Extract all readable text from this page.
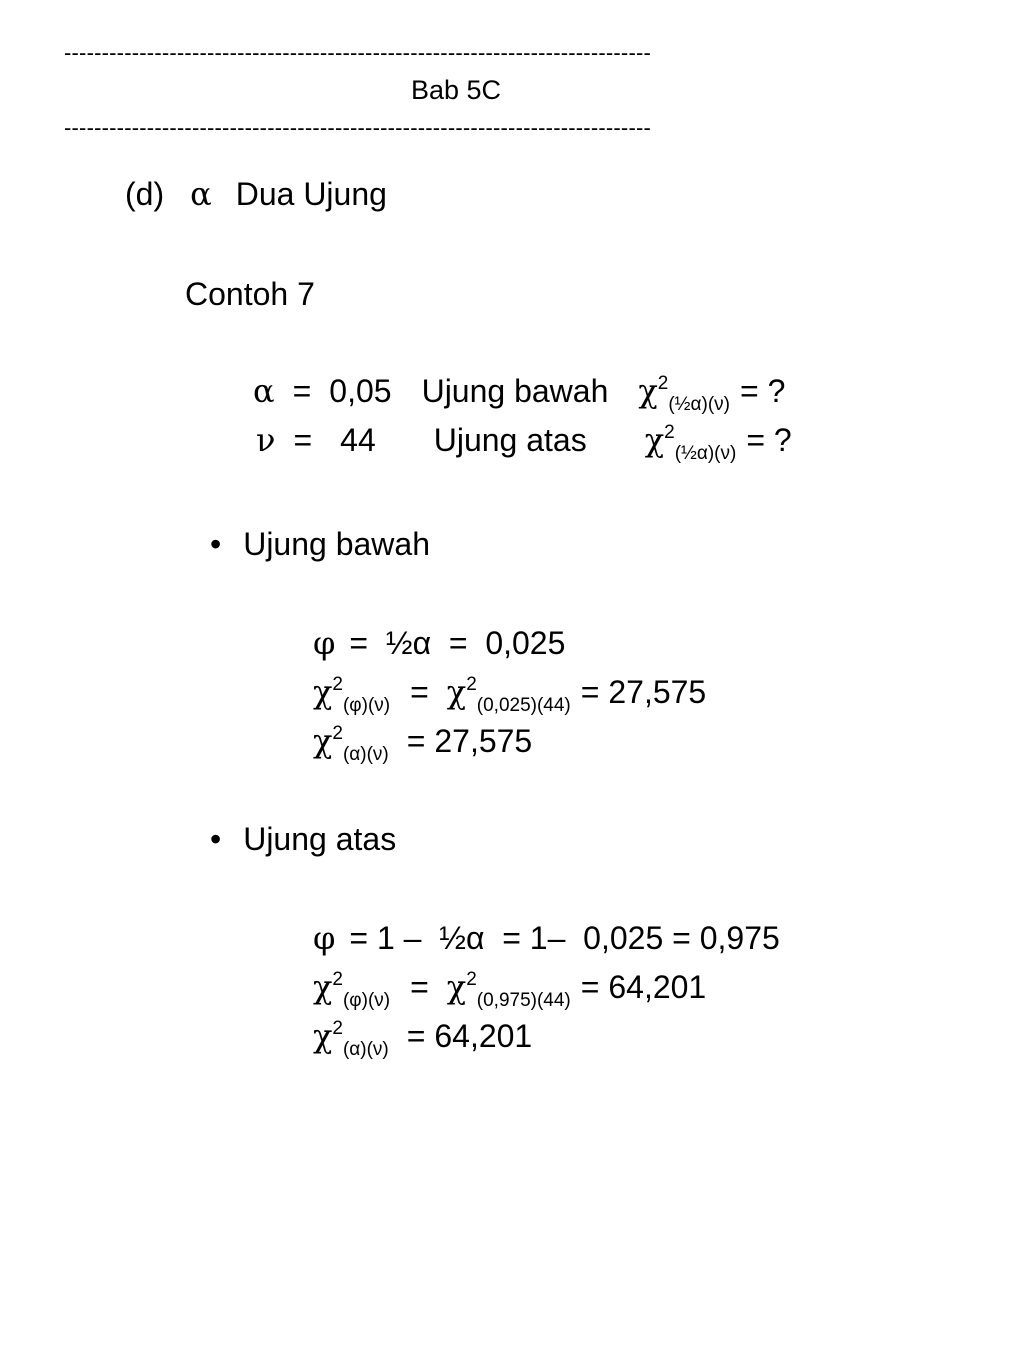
------------------------------------------------------------------------------
Bab 5C
------------------------------------------------------------------------------
(d) α Dua Ujung
Contoh 7
α = 0,05 Ujung bawah $\chi^2_{(\frac{1}{2}\alpha)(\nu)}$ = ?
ν = 44 Ujung atas $\chi^2_{(\frac{1}{2}\alpha)(\nu)}$ = ?
• Ujung bawah
φ =  ½α  =  0,025
$\chi^2_{(\varphi)(\nu)} = \chi^2_{(0,025)(44)} = 27,575$
$\chi^2_{(\alpha)(\nu)} = 27,575$
• Ujung atas
φ = 1 –  ½α  = 1–  0,025 = 0,975
$\chi^2_{(\varphi)(\nu)} = \chi^2_{(0,975)(44)} = 64,201$
$\chi^2_{(\alpha)(\nu)} = 64,201$
